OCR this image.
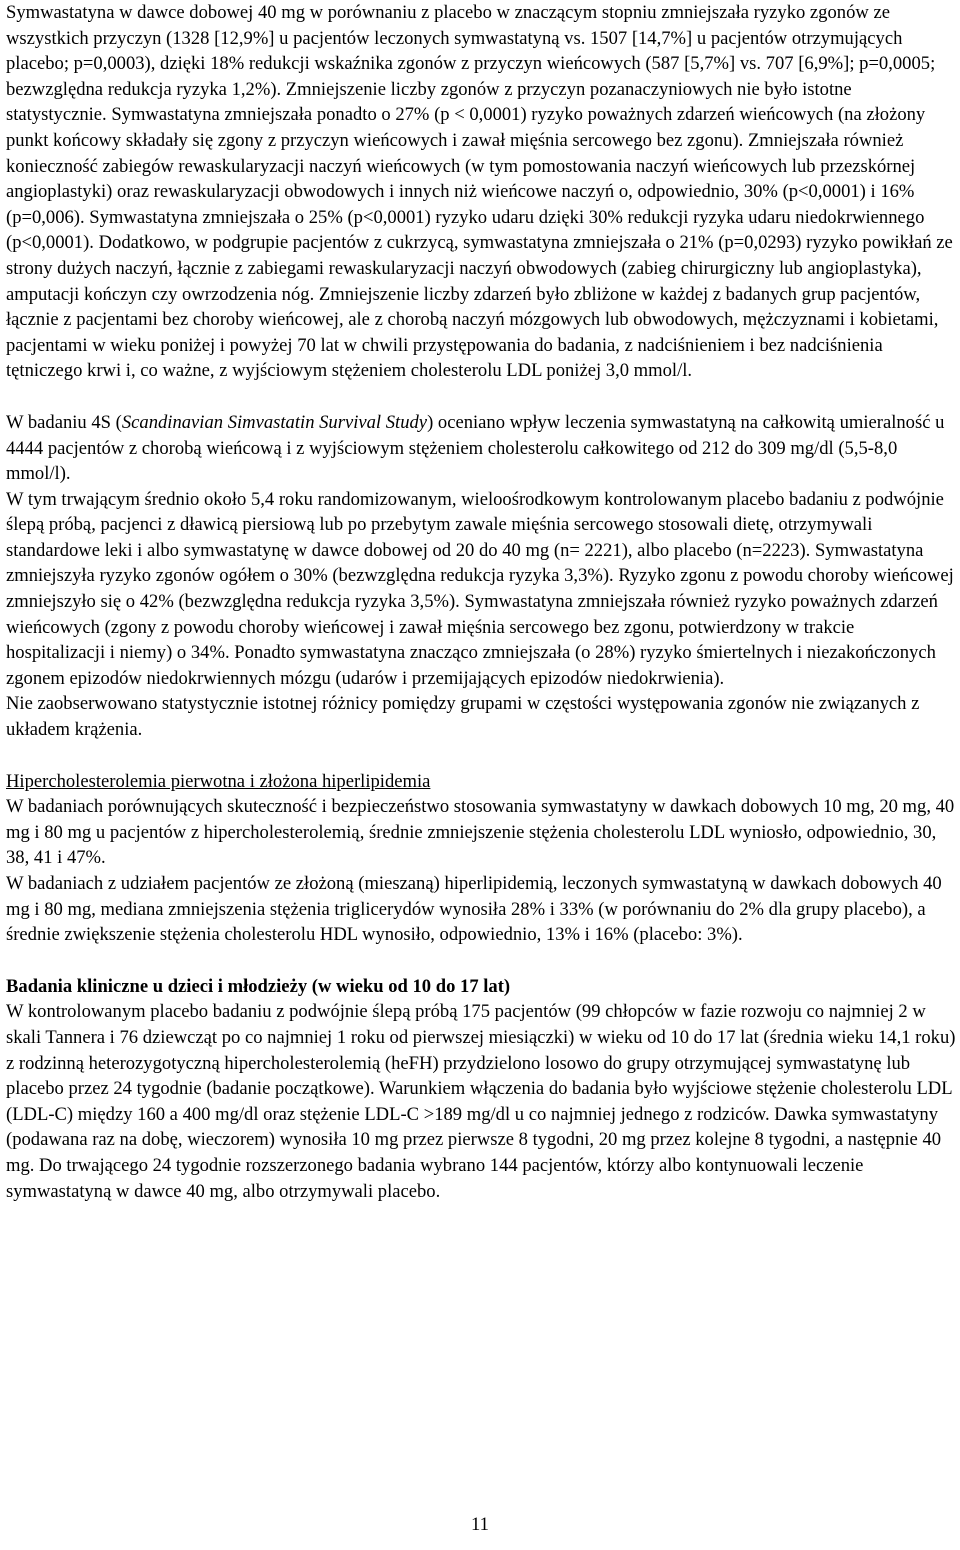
Symwastatyna w dawce dobowej 40 mg w porównaniu z placebo w znaczącym stopniu zmniejszała ryzyko zgonów ze wszystkich przyczyn (1328 [12,9%] u pacjentów leczonych symwastatyną vs. 1507 [14,7%] u pacjentów otrzymujących placebo; p=0,0003), dzięki 18% redukcji wskaźnika zgonów z przyczyn wieńcowych (587 [5,7%] vs. 707 [6,9%]; p=0,0005; bezwzględna redukcja ryzyka 1,2%). Zmniejszenie liczby zgonów z przyczyn pozanaczyniowych nie było istotne statystycznie. Symwastatyna zmniejszała ponadto o 27% (p < 0,0001) ryzyko poważnych zdarzeń wieńcowych (na złożony punkt końcowy składały się zgony z przyczyn wieńcowych i zawał mięśnia sercowego bez zgonu). Zmniejszała również konieczność zabiegów rewaskularyzacji naczyń wieńcowych (w tym pomostowania naczyń wieńcowych lub przezskórnej angioplastyki) oraz rewaskularyzacji obwodowych i innych niż wieńcowe naczyń o, odpowiednio, 30% (p<0,0001) i 16% (p=0,006). Symwastatyna zmniejszała o 25% (p<0,0001) ryzyko udaru dzięki 30% redukcji ryzyka udaru niedokrwiennego (p<0,0001). Dodatkowo, w podgrupie pacjentów z cukrzycą, symwastatyna zmniejszała o 21% (p=0,0293) ryzyko powikłań ze strony dużych naczyń, łącznie z zabiegami rewaskularyzacji naczyń obwodowych (zabieg chirurgiczny lub angioplastyka), amputacji kończyn czy owrzodzenia nóg. Zmniejszenie liczby zdarzeń było zbliżone w każdej z badanych grup pacjentów, łącznie z pacjentami bez choroby wieńcowej, ale z chorobą naczyń mózgowych lub obwodowych, mężczyznami i kobietami, pacjentami w wieku poniżej i powyżej 70 lat w chwili przystępowania do badania, z nadciśnieniem i bez nadciśnienia tętniczego krwi i, co ważne, z wyjściowym stężeniem cholesterolu LDL poniżej 3,0 mmol/l.

W badaniu 4S (Scandinavian Simvastatin Survival Study) oceniano wpływ leczenia symwastatyną na całkowitą umieralność u 4444 pacjentów z chorobą wieńcową i z wyjściowym stężeniem cholesterolu całkowitego od 212 do 309 mg/dl (5,5-8,0 mmol/l).

W tym trwającym średnio około 5,4 roku randomizowanym, wieloośrodkowym kontrolowanym placebo badaniu z podwójnie ślepą próbą, pacjenci z dławicą piersiową lub po przebytym zawale mięśnia sercowego stosowali dietę, otrzymywali standardowe leki i albo symwastatynę w dawce dobowej od 20 do 40 mg (n= 2221), albo placebo (n=2223). Symwastatyna zmniejszyła ryzyko zgonów ogółem o 30% (bezwzględna redukcja ryzyka 3,3%). Ryzyko zgonu z powodu choroby wieńcowej zmniejszyło się o 42% (bezwzględna redukcja ryzyka 3,5%). Symwastatyna zmniejszała również ryzyko poważnych zdarzeń wieńcowych (zgony z powodu choroby wieńcowej i zawał mięśnia sercowego bez zgonu, potwierdzony w trakcie hospitalizacji i niemy) o 34%. Ponadto symwastatyna znacząco zmniejszała (o 28%) ryzyko śmiertelnych i niezakończonych zgonem epizodów niedokrwiennych mózgu (udarów i przemijających epizodów niedokrwienia).

Nie zaobserwowano statystycznie istotnej różnicy pomiędzy grupami w częstości występowania zgonów nie związanych z układem krążenia.

Hipercholesterolemia pierwotna i złożona hiperlipidemia

W badaniach porównujących skuteczność i bezpieczeństwo stosowania symwastatyny w dawkach dobowych 10 mg, 20 mg, 40 mg i 80 mg u pacjentów z hipercholesterolemią, średnie zmniejszenie stężenia cholesterolu LDL wyniosło, odpowiednio, 30, 38, 41 i 47%.

W badaniach z udziałem pacjentów ze złożoną (mieszaną) hiperlipidemią, leczonych symwastatyną w dawkach dobowych 40 mg i 80 mg, mediana zmniejszenia stężenia triglicerydów wynosiła 28% i 33% (w porównaniu do 2% dla grupy placebo), a średnie zwiększenie stężenia cholesterolu HDL wynosiło, odpowiednio, 13% i 16% (placebo: 3%).

Badania kliniczne u dzieci i młodzieży (w wieku od 10 do 17 lat)

W kontrolowanym placebo badaniu z podwójnie ślepą próbą 175 pacjentów (99 chłopców w fazie rozwoju co najmniej 2 w skali Tannera i 76 dziewcząt po co najmniej 1 roku od pierwszej miesiączki) w wieku od 10 do 17 lat (średnia wieku 14,1 roku) z rodzinną heterozygotyczną hipercholesterolemią (heFH) przydzielono losowo do grupy otrzymującej symwastatynę lub placebo przez 24 tygodnie (badanie początkowe). Warunkiem włączenia do badania było wyjściowe stężenie cholesterolu LDL (LDL-C) między 160 a 400 mg/dl oraz stężenie LDL-C >189 mg/dl u co najmniej jednego z rodziców. Dawka symwastatyny (podawana raz na dobę, wieczorem) wynosiła 10 mg przez pierwsze 8 tygodni, 20 mg przez kolejne 8 tygodni, a następnie 40 mg. Do trwającego 24 tygodnie rozszerzonego badania wybrano 144 pacjentów, którzy albo kontynuowali leczenie symwastatyną w dawce 40 mg, albo otrzymywali placebo.

11
